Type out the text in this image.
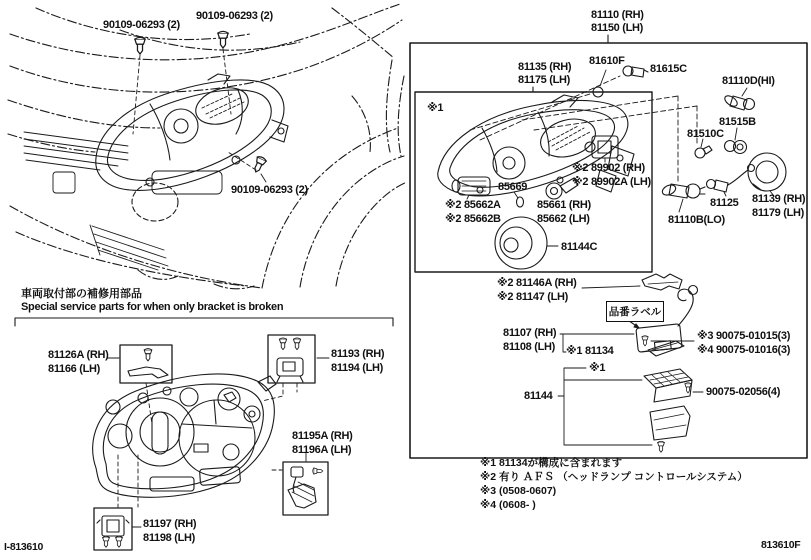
90109-06293 (2)
90109-06293 (2)
90109-06293 (2)
81110 (RH)
81150 (LH)
※1
81135 (RH)
81175 (LH)
81610F
81615C
81110D(HI)
81515B
81510C
※2 89902 (RH)
※2 89902A (LH)
85669
※2 85662A
※2 85662B
85661 (RH)
85662 (LH)
81144C
81110B(LO)
81125 81139 (RH)
81179 (LH)
※2 81146A (RH)
※2 81147 (LH)
品番ラベル
81107 (RH)
81108 (LH) ※1 81134
※3 90075-01015(3)
※4 90075-01016(3)
※1
81144	90075-02056(4)
※1 81134が構成に含まれます
※2 有り ＡＦＳ （ヘッドランプ コントロールシステム）
※3 (0508-0607)
※4 (0608- )
車両取付部の補修用部品
Special service parts for when only bracket is broken
81126A (RH)
81166 (LH)
81193 (RH)
81194 (LH)
81195A (RH)
81196A (LH)
81197 (RH)
81198 (LH)
I-813610	813610F
